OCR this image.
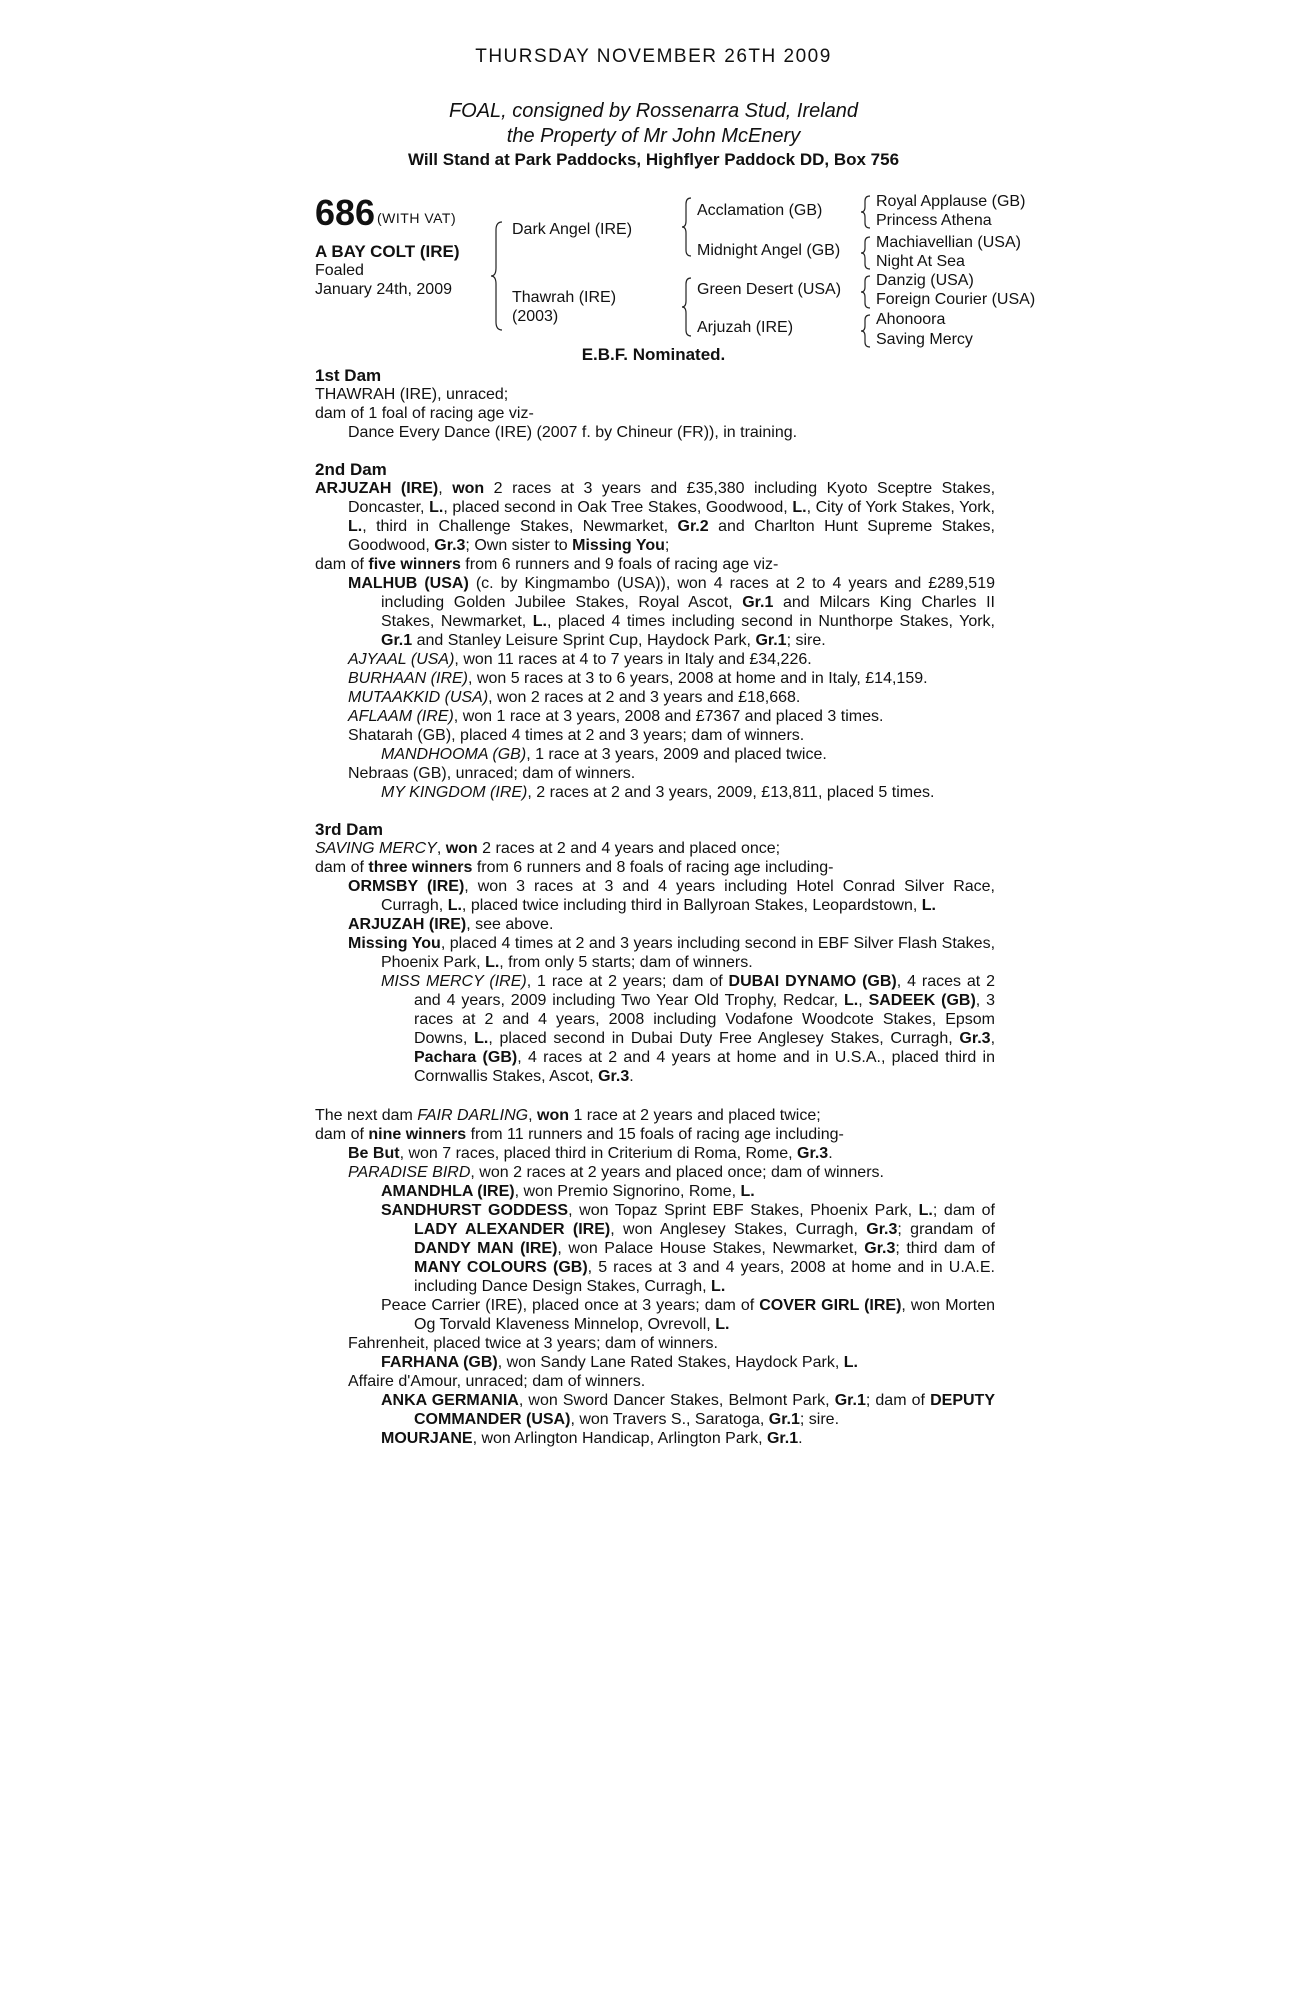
THURSDAY NOVEMBER 26TH 2009
FOAL, consigned by Rossenarra Stud, Ireland
the Property of Mr John McEnery
Will Stand at Park Paddocks, Highflyer Paddock DD, Box 756
686 (WITH VAT)
A BAY COLT (IRE)
Foaled
January 24th, 2009
Dark Angel (IRE)
Thawrah (IRE)
(2003)
Acclamation (GB)
Midnight Angel (GB)
Green Desert (USA)
Arjuzah (IRE)
Royal Applause (GB)
Princess Athena
Machiavellian (USA)
Night At Sea
Danzig (USA)
Foreign Courier (USA)
Ahonoora
Saving Mercy
E.B.F. Nominated.

1st Dam

THAWRAH (IRE), unraced;

dam of 1 foal of racing age viz-

Dance Every Dance (IRE) (2007 f. by Chineur (FR)), in training.

2nd Dam

ARJUZAH (IRE), won 2 races at 3 years and £35,380 including Kyoto Sceptre Stakes, Doncaster, L., placed second in Oak Tree Stakes, Goodwood, L., City of York Stakes, York, L., third in Challenge Stakes, Newmarket, Gr.2 and Charlton Hunt Supreme Stakes, Goodwood, Gr.3; Own sister to Missing You;

dam of five winners from 6 runners and 9 foals of racing age viz-

MALHUB (USA) (c. by Kingmambo (USA)), won 4 races at 2 to 4 years and £289,519 including Golden Jubilee Stakes, Royal Ascot, Gr.1 and Milcars King Charles II Stakes, Newmarket, L., placed 4 times including second in Nunthorpe Stakes, York, Gr.1 and Stanley Leisure Sprint Cup, Haydock Park, Gr.1; sire.

AJYAAL (USA), won 11 races at 4 to 7 years in Italy and £34,226.

BURHAAN (IRE), won 5 races at 3 to 6 years, 2008 at home and in Italy, £14,159.

MUTAAKKID (USA), won 2 races at 2 and 3 years and £18,668.

AFLAAM (IRE), won 1 race at 3 years, 2008 and £7367 and placed 3 times.

Shatarah (GB), placed 4 times at 2 and 3 years; dam of winners.

MANDHOOMA (GB), 1 race at 3 years, 2009 and placed twice.

Nebraas (GB), unraced; dam of winners.

MY KINGDOM (IRE), 2 races at 2 and 3 years, 2009, £13,811, placed 5 times.

3rd Dam

SAVING MERCY, won 2 races at 2 and 4 years and placed once;

dam of three winners from 6 runners and 8 foals of racing age including-

ORMSBY (IRE), won 3 races at 3 and 4 years including Hotel Conrad Silver Race, Curragh, L., placed twice including third in Ballyroan Stakes, Leopardstown, L.

ARJUZAH (IRE), see above.

Missing You, placed 4 times at 2 and 3 years including second in EBF Silver Flash Stakes, Phoenix Park, L., from only 5 starts; dam of winners.

MISS MERCY (IRE), 1 race at 2 years; dam of DUBAI DYNAMO (GB), 4 races at 2 and 4 years, 2009 including Two Year Old Trophy, Redcar, L., SADEEK (GB), 3 races at 2 and 4 years, 2008 including Vodafone Woodcote Stakes, Epsom Downs, L., placed second in Dubai Duty Free Anglesey Stakes, Curragh, Gr.3, Pachara (GB), 4 races at 2 and 4 years at home and in U.S.A., placed third in Cornwallis Stakes, Ascot, Gr.3.

The next dam FAIR DARLING, won 1 race at 2 years and placed twice;

dam of nine winners from 11 runners and 15 foals of racing age including-

Be But, won 7 races, placed third in Criterium di Roma, Rome, Gr.3.

PARADISE BIRD, won 2 races at 2 years and placed once; dam of winners.

AMANDHLA (IRE), won Premio Signorino, Rome, L.

SANDHURST GODDESS, won Topaz Sprint EBF Stakes, Phoenix Park, L.; dam of LADY ALEXANDER (IRE), won Anglesey Stakes, Curragh, Gr.3; grandam of DANDY MAN (IRE), won Palace House Stakes, Newmarket, Gr.3; third dam of MANY COLOURS (GB), 5 races at 3 and 4 years, 2008 at home and in U.A.E. including Dance Design Stakes, Curragh, L.

Peace Carrier (IRE), placed once at 3 years; dam of COVER GIRL (IRE), won Morten Og Torvald Klaveness Minnelop, Ovrevoll, L.

Fahrenheit, placed twice at 3 years; dam of winners.

FARHANA (GB), won Sandy Lane Rated Stakes, Haydock Park, L.

Affaire d'Amour, unraced; dam of winners.

ANKA GERMANIA, won Sword Dancer Stakes, Belmont Park, Gr.1; dam of DEPUTY COMMANDER (USA), won Travers S., Saratoga, Gr.1; sire.

MOURJANE, won Arlington Handicap, Arlington Park, Gr.1.
